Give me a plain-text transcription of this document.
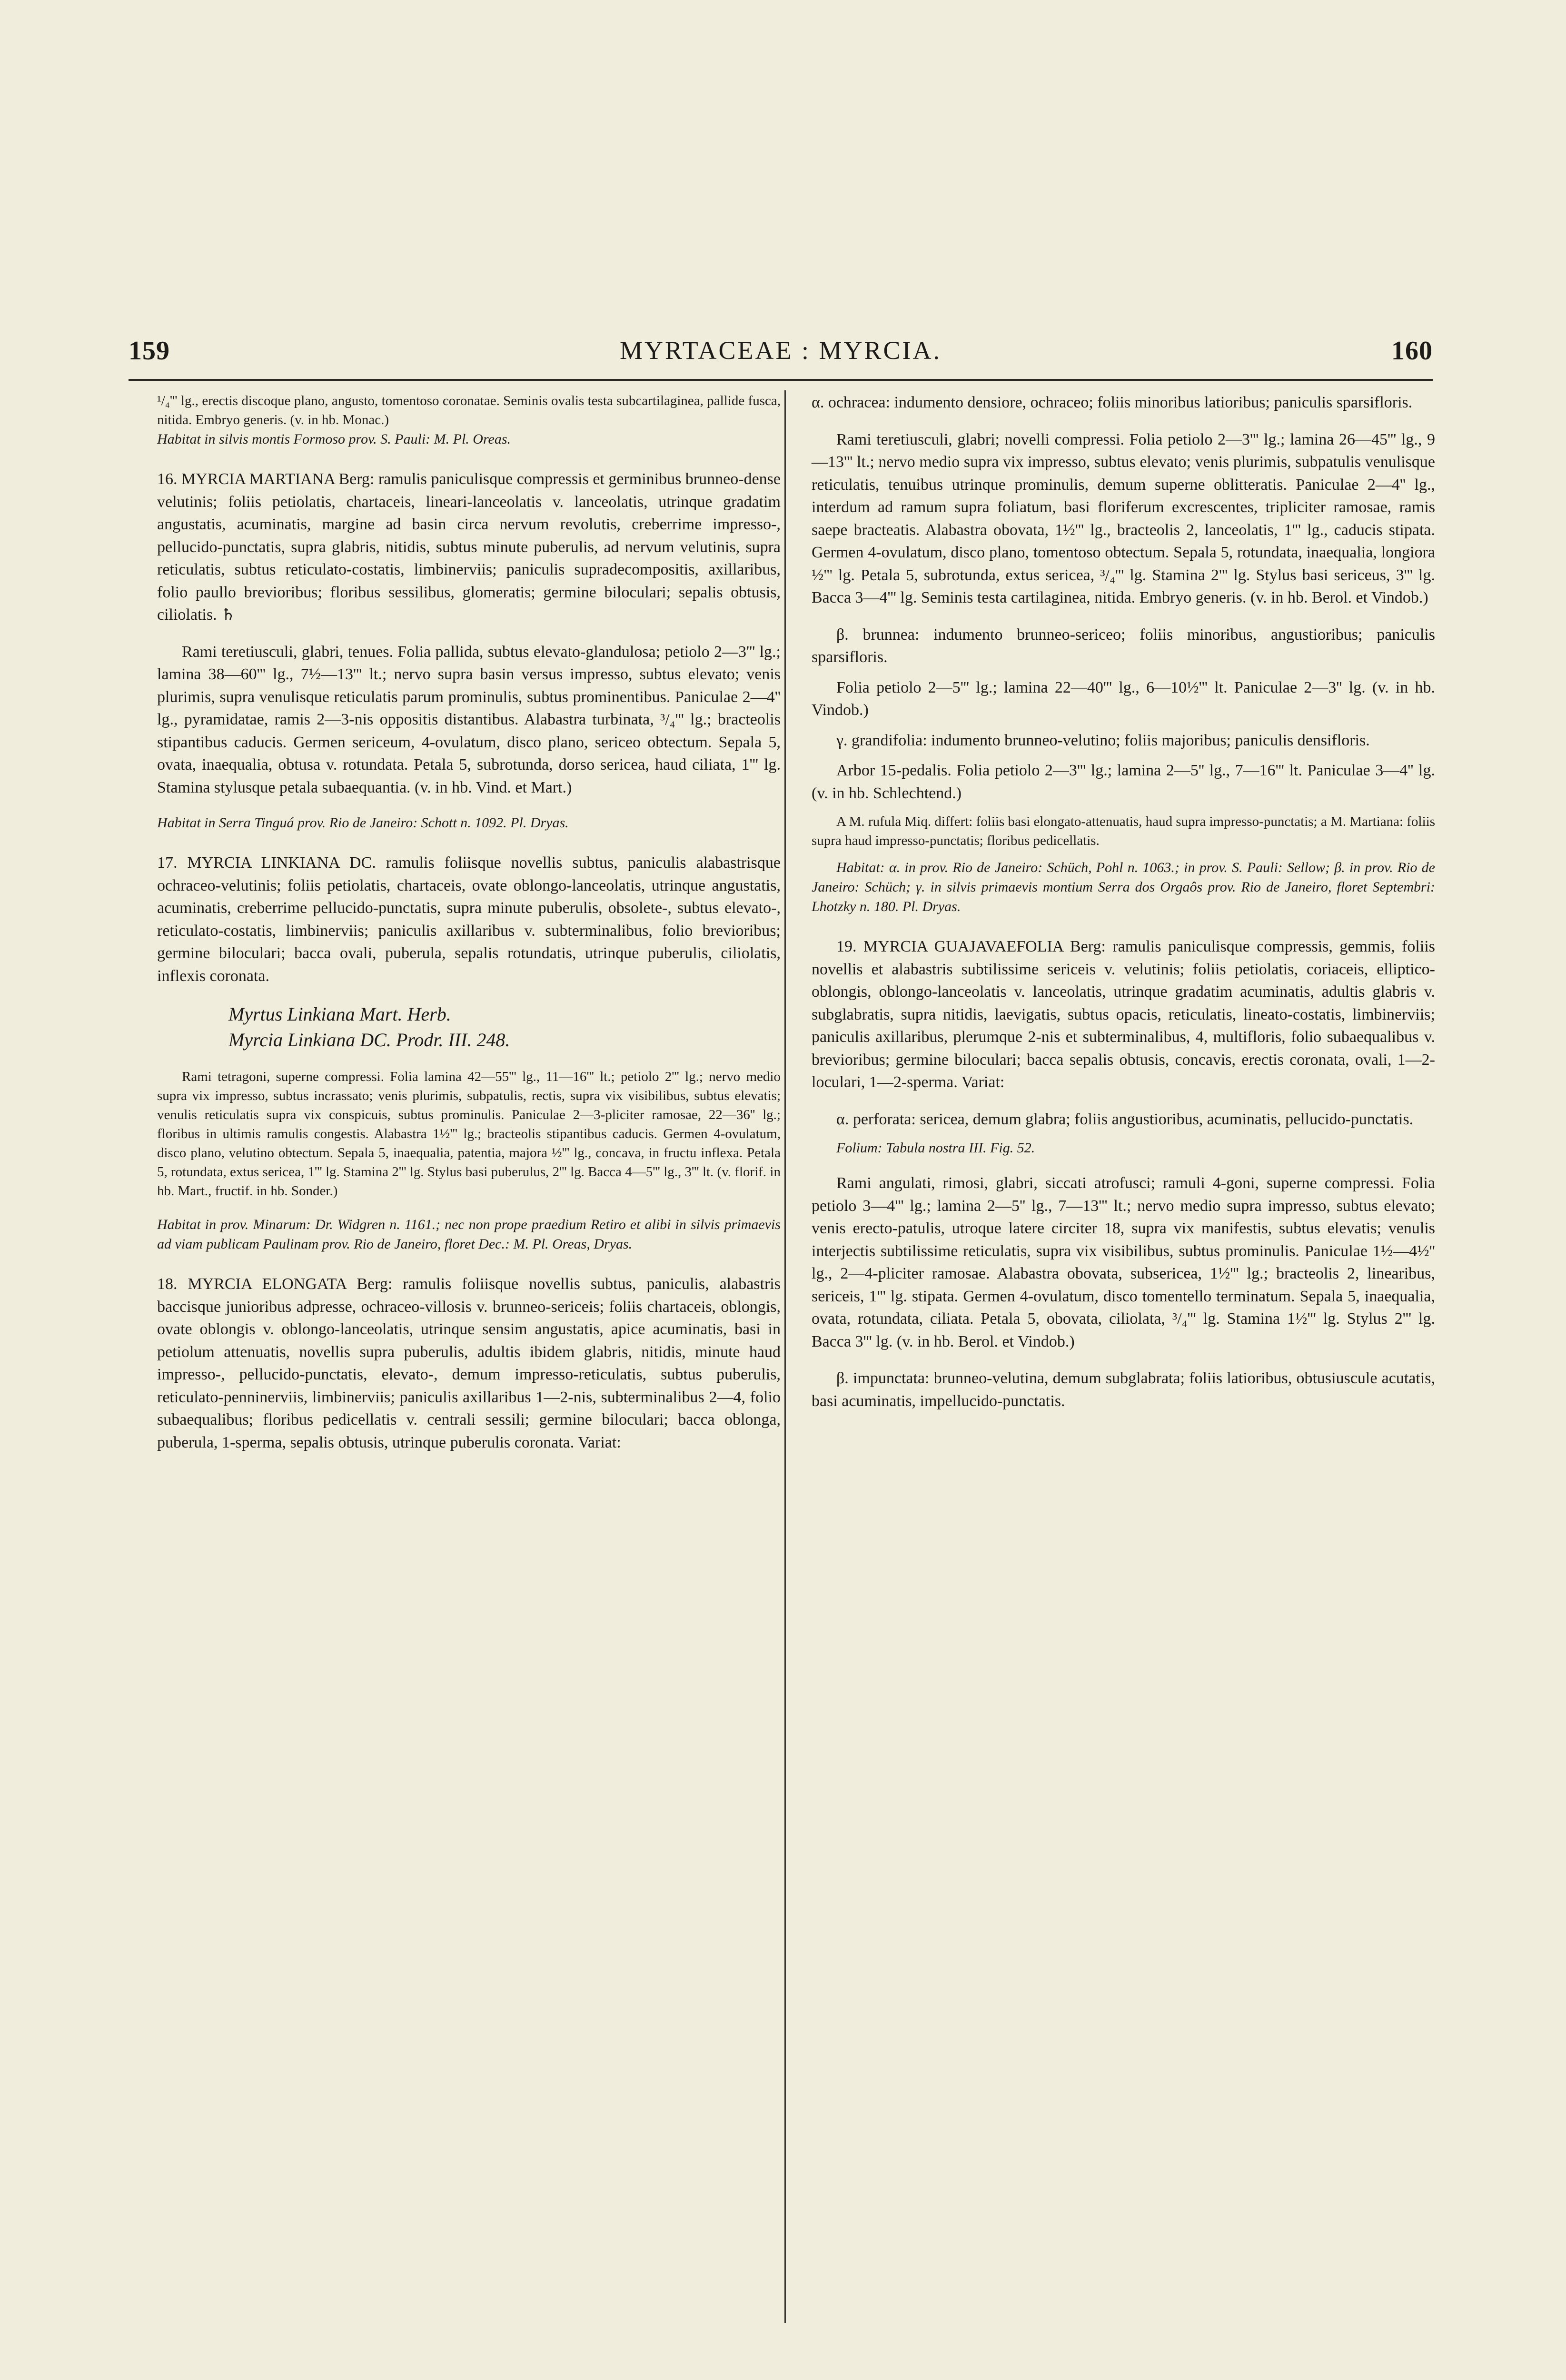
159	MYRTACEAE : MYRCIA.	160

¹/₄''' lg., erectis discoque plano, angusto, tomentoso coronatae. Seminis ovalis testa subcartilaginea, pallide fusca, nitida. Embryo generis. (v. in hb. Monac.)

Habitat in silvis montis Formoso prov. S. Pauli: M. Pl. Oreas.

16. MYRCIA MARTIANA Berg: ramulis paniculisque compressis et germinibus brunneo-dense velutinis; foliis petiolatis, chartaceis, lineari-lanceolatis v. lanceolatis, utrinque gradatim angustatis, acuminatis, margine ad basin circa nervum revolutis, creberrime impresso-, pellucido-punctatis, supra glabris, nitidis, subtus minute puberulis, ad nervum velutinis, supra reticulatis, subtus reticulato-costatis, limbinerviis; paniculis supradecompositis, axillaribus, folio paullo brevioribus; floribus sessilibus, glomeratis; germine biloculari; sepalis obtusis, ciliolatis. ♄

Rami teretiusculi, glabri, tenues. Folia pallida, subtus elevato-glandulosa; petiolo 2—3''' lg.; lamina 38—60''' lg., 7½—13''' lt.; nervo supra basin versus impresso, subtus elevato; venis plurimis, supra venulisque reticulatis parum prominulis, subtus prominentibus. Paniculae 2—4'' lg., pyramidatae, ramis 2—3-nis oppositis distantibus. Alabastra turbinata, ³/₄''' lg.; bracteolis stipantibus caducis. Germen sericeum, 4-ovulatum, disco plano, sericeo obtectum. Sepala 5, ovata, inaequalia, obtusa v. rotundata. Petala 5, subrotunda, dorso sericea, haud ciliata, 1''' lg. Stamina stylusque petala subaequantia. (v. in hb. Vind. et Mart.)

Habitat in Serra Tinguá prov. Rio de Janeiro: Schott n. 1092. Pl. Dryas.

17. MYRCIA LINKIANA DC. ramulis foliisque novellis subtus, paniculis alabastrisque ochraceo-velutinis; foliis petiolatis, chartaceis, ovate oblongo-lanceolatis, utrinque angustatis, acuminatis, creberrime pellucido-punctatis, supra minute puberulis, obsolete-, subtus elevato-, reticulato-costatis, limbinerviis; paniculis axillaribus v. subterminalibus, folio brevioribus; germine biloculari; bacca ovali, puberula, sepalis rotundatis, utrinque puberulis, ciliolatis, inflexis coronata.

Myrtus Linkiana Mart. Herb.

Myrcia Linkiana DC. Prodr. III. 248.

Rami tetragoni, superne compressi. Folia lamina 42—55''' lg., 11—16''' lt.; petiolo 2''' lg.; nervo medio supra vix impresso, subtus incrassato; venis plurimis, subpatulis, rectis, supra vix visibilibus, subtus elevatis; venulis reticulatis supra vix conspicuis, subtus prominulis. Paniculae 2—3-pliciter ramosae, 22—36'' lg.; floribus in ultimis ramulis congestis. Alabastra 1½''' lg.; bracteolis stipantibus caducis. Germen 4-ovulatum, disco plano, velutino obtectum. Sepala 5, inaequalia, patentia, majora ½''' lg., concava, in fructu inflexa. Petala 5, rotundata, extus sericea, 1''' lg. Stamina 2''' lg. Stylus basi puberulus, 2''' lg. Bacca 4—5''' lg., 3''' lt. (v. florif. in hb. Mart., fructif. in hb. Sonder.)

Habitat in prov. Minarum: Dr. Widgren n. 1161.; nec non prope praedium Retiro et alibi in silvis primaevis ad viam publicam Paulinam prov. Rio de Janeiro, floret Dec.: M. Pl. Oreas, Dryas.

18. MYRCIA ELONGATA Berg: ramulis foliisque novellis subtus, paniculis, alabastris baccisque junioribus adpresse, ochraceo-villosis v. brunneo-sericeis; foliis chartaceis, oblongis, ovate oblongis v. oblongo-lanceolatis, utrinque sensim angustatis, apice acuminatis, basi in petiolum attenuatis, novellis supra puberulis, adultis ibidem glabris, nitidis, minute haud impresso-, pellucido-punctatis, elevato-, demum impresso-reticulatis, subtus puberulis, reticulato-penninerviis, limbinerviis; paniculis axillaribus 1—2-nis, subterminalibus 2—4, folio subaequalibus; floribus pedicellatis v. centrali sessili; germine biloculari; bacca oblonga, puberula, 1-sperma, sepalis obtusis, utrinque puberulis coronata. Variat:

α. ochracea: indumento densiore, ochraceo; foliis minoribus latioribus; paniculis sparsifloris.

Rami teretiusculi, glabri; novelli compressi. Folia petiolo 2—3''' lg.; lamina 26—45''' lg., 9—13''' lt.; nervo medio supra vix impresso, subtus elevato; venis plurimis, subpatulis venulisque reticulatis, tenuibus utrinque prominulis, demum superne oblitteratis. Paniculae 2—4'' lg., interdum ad ramum supra foliatum, basi floriferum excrescentes, tripliciter ramosae, ramis saepe bracteatis. Alabastra obovata, 1½''' lg., bracteolis 2, lanceolatis, 1''' lg., caducis stipata. Germen 4-ovulatum, disco plano, tomentoso obtectum. Sepala 5, rotundata, inaequalia, longiora ½''' lg. Petala 5, subrotunda, extus sericea, ³/₄''' lg. Stamina 2''' lg. Stylus basi sericeus, 3''' lg. Bacca 3—4''' lg. Seminis testa cartilaginea, nitida. Embryo generis. (v. in hb. Berol. et Vindob.)

β. brunnea: indumento brunneo-sericeo; foliis minoribus, angustioribus; paniculis sparsifloris.

Folia petiolo 2—5''' lg.; lamina 22—40''' lg., 6—10½''' lt. Paniculae 2—3'' lg. (v. in hb. Vindob.)

γ. grandifolia: indumento brunneo-velutino; foliis majoribus; paniculis densifloris.

Arbor 15-pedalis. Folia petiolo 2—3''' lg.; lamina 2—5'' lg., 7—16''' lt. Paniculae 3—4'' lg. (v. in hb. Schlechtend.)

A M. rufula Miq. differt: foliis basi elongato-attenuatis, haud supra impresso-punctatis; a M. Martiana: foliis supra haud impresso-punctatis; floribus pedicellatis.

Habitat: α. in prov. Rio de Janeiro: Schüch, Pohl n. 1063.; in prov. S. Pauli: Sellow; β. in prov. Rio de Janeiro: Schüch; γ. in silvis primaevis montium Serra dos Orgaôs prov. Rio de Janeiro, floret Septembri: Lhotzky n. 180. Pl. Dryas.

19. MYRCIA GUAJAVAEFOLIA Berg: ramulis paniculisque compressis, gemmis, foliis novellis et alabastris subtilissime sericeis v. velutinis; foliis petiolatis, coriaceis, elliptico-oblongis, oblongo-lanceolatis v. lanceolatis, utrinque gradatim acuminatis, adultis glabris v. subglabratis, supra nitidis, laevigatis, subtus opacis, reticulatis, lineato-costatis, limbinerviis; paniculis axillaribus, plerumque 2-nis et subterminalibus, 4, multifloris, folio subaequalibus v. brevioribus; germine biloculari; bacca sepalis obtusis, concavis, erectis coronata, ovali, 1—2-loculari, 1—2-sperma. Variat:

α. perforata: sericea, demum glabra; foliis angustioribus, acuminatis, pellucido-punctatis.

Folium: Tabula nostra III. Fig. 52.

Rami angulati, rimosi, glabri, siccati atrofusci; ramuli 4-goni, superne compressi. Folia petiolo 3—4''' lg.; lamina 2—5'' lg., 7—13''' lt.; nervo medio supra impresso, subtus elevato; venis erecto-patulis, utroque latere circiter 18, supra vix manifestis, subtus elevatis; venulis interjectis subtilissime reticulatis, supra vix visibilibus, subtus prominulis. Paniculae 1½—4½'' lg., 2—4-pliciter ramosae. Alabastra obovata, subsericea, 1½''' lg.; bracteolis 2, linearibus, sericeis, 1''' lg. stipata. Germen 4-ovulatum, disco tomentello terminatum. Sepala 5, inaequalia, ovata, rotundata, ciliata. Petala 5, obovata, ciliolata, ³/₄''' lg. Stamina 1½''' lg. Stylus 2''' lg. Bacca 3''' lg. (v. in hb. Berol. et Vindob.)

β. impunctata: brunneo-velutina, demum subglabrata; foliis latioribus, obtusiuscule acutatis, basi acuminatis, impellucido-punctatis.
